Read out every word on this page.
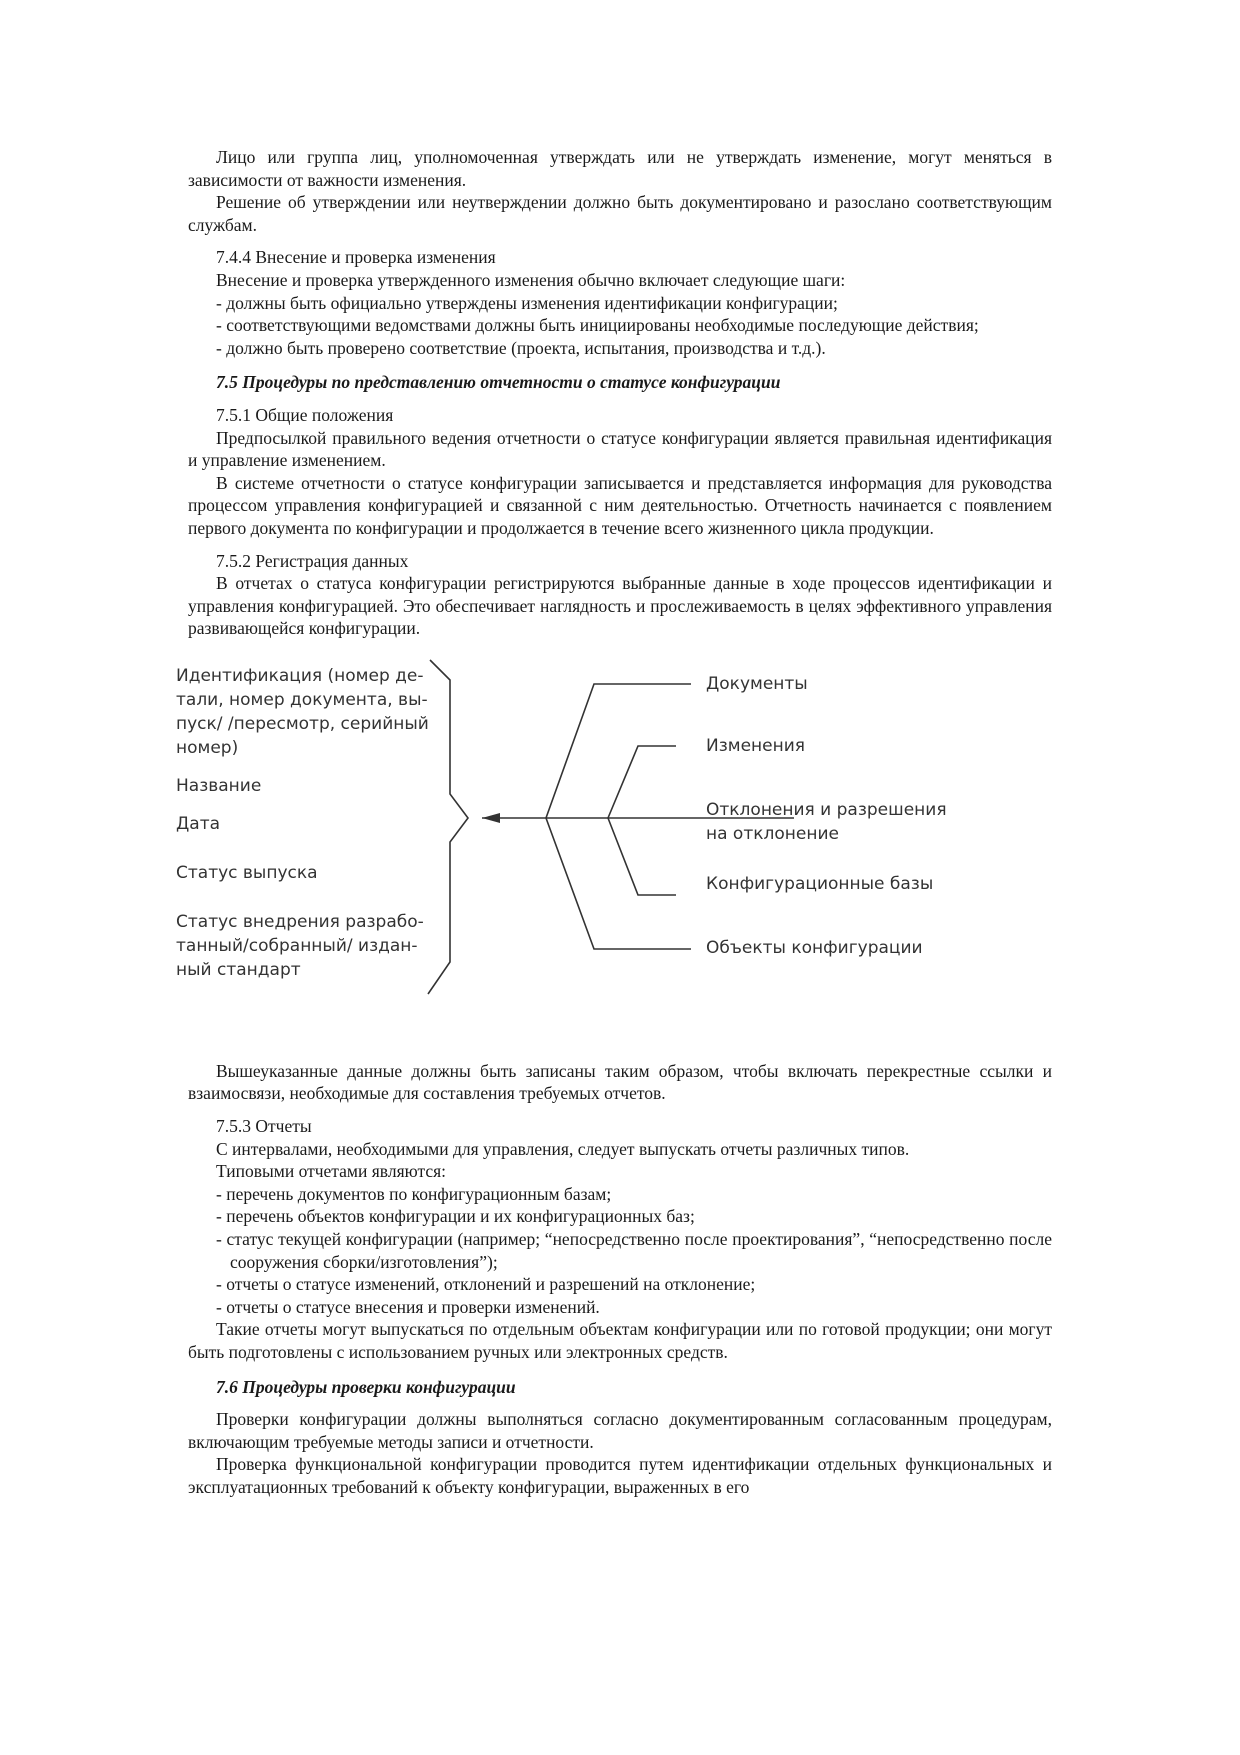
Лицо или группа лиц, уполномоченная утверждать или не утверждать изменение, могут меняться в зависимости от важности изменения.

Решение об утверждении или неутверждении должно быть документировано и разослано соответствующим службам.

7.4.4 Внесение и проверка изменения

Внесение и проверка утвержденного изменения обычно включает следующие шаги:

- должны быть официально утверждены изменения идентификации конфигурации;

- соответствующими ведомствами должны быть инициированы необходимые последующие действия;

- должно быть проверено соответствие (проекта, испытания, производства и т.д.).

7.5 Процедуры по представлению отчетности о статусе конфигурации

7.5.1 Общие положения

Предпосылкой правильного ведения отчетности о статусе конфигурации является правильная идентификация и управление изменением.

В системе отчетности о статусе конфигурации записывается и представляется информация для руководства процессом управления конфигурацией и связанной с ним деятельностью. Отчетность начинается с появлением первого документа по конфигурации и продолжается в течение всего жизненного цикла продукции.

7.5.2 Регистрация данных

В отчетах о статуса конфигурации регистрируются выбранные данные в ходе процессов идентификации и управления конфигурацией. Это обеспечивает наглядность и прослеживаемость в целях эффективного управления развивающейся конфигурации.

Идентификация (номер де-
тали, номер документа, вы-
пуск/ /пересмотр, серийный
номер)
Название
Дата
Статус выпуска
Статус внедрения разрабо-
танный/собранный/ издан-
ный стандарт
Документы
Изменения
Отклонения и разрешения
на отклонение
Конфигурационные базы
Объекты конфигурации

Вышеуказанные данные должны быть записаны таким образом, чтобы включать перекрестные ссылки и взаимосвязи, необходимые для составления требуемых отчетов.

7.5.3 Отчеты

С интервалами, необходимыми для управления, следует выпускать отчеты различных типов.

Типовыми отчетами являются:

- перечень документов по конфигурационным базам;

- перечень объектов конфигурации и их конфигурационных баз;

- статус текущей конфигурации (например; “непосредственно после проектирования”, “непосредственно после сооружения сборки/изготовления”);

- отчеты о статусе изменений, отклонений и разрешений на отклонение;

- отчеты о статусе внесения и проверки изменений.

Такие отчеты могут выпускаться по отдельным объектам конфигурации или по готовой продукции; они могут быть подготовлены с использованием ручных или электронных средств.

7.6 Процедуры проверки конфигурации

Проверки конфигурации должны выполняться согласно документированным согласованным процедурам, включающим требуемые методы записи и отчетности.

Проверка функциональной конфигурации проводится путем идентификации отдельных функциональных и эксплуатационных требований к объекту конфигурации, выраженных в его
